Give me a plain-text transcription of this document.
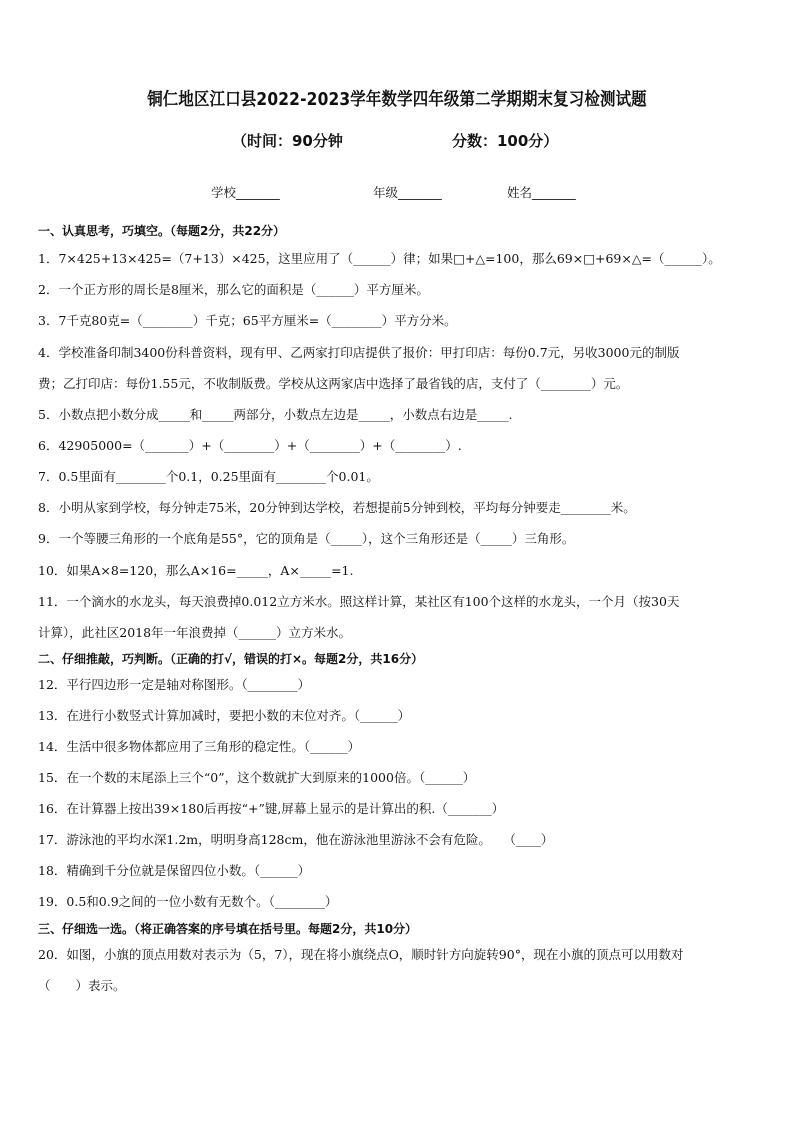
铜仁地区江口县2022-2023学年数学四年级第二学期期末复习检测试题
（时间：90分钟	分数：100分）
学校_______	年级_______	姓名_______
一、认真思考，巧填空。（每题2分，共22分）
1．7×425+13×425=（7+13）×425，这里应用了（______）律；如果□+△=100，那么69×□+69×△=（______）。
2．一个正方形的周长是8厘米，那么它的面积是（______）平方厘米。
3．7千克80克=（________）千克；65平方厘米=（________）平方分米。
4．学校准备印制3400份科普资料，现有甲、乙两家打印店提供了报价：甲打印店：每份0.7元，另收3000元的制版
费；乙打印店：每份1.55元，不收制版费。学校从这两家店中选择了最省钱的店，支付了（________）元。
5．小数点把小数分成_____和_____两部分，小数点左边是_____，小数点右边是_____.
6．42905000=（_______）+（________）+（________）+（________）.
7．0.5里面有________个0.1，0.25里面有________个0.01。
8．小明从家到学校，每分钟走75米，20分钟到达学校，若想提前5分钟到校，平均每分钟要走________米。
9．一个等腰三角形的一个底角是55°，它的顶角是（_____），这个三角形还是（_____）三角形。
10．如果A×8=120，那么A×16=_____，A×_____=1.
11．一个滴水的水龙头，每天浪费掉0.012立方米水。照这样计算，某社区有100个这样的水龙头，一个月（按30天
计算），此社区2018年一年浪费掉（______）立方米水。
二、仔细推敲，巧判断。（正确的打√，错误的打×。每题2分，共16分）
12．平行四边形一定是轴对称图形。（________）
13．在进行小数竖式计算加减时，要把小数的末位对齐。（______）
14．生活中很多物体都应用了三角形的稳定性。（______）
15．在一个数的末尾添上三个“0”，这个数就扩大到原来的1000倍。（______）
16．在计算器上按出39×180后再按“+”键,屏幕上显示的是计算出的积.（_______）
17．游泳池的平均水深1.2m，明明身高128cm，他在游泳池里游泳不会有危险。　　（____）
18．精确到千分位就是保留四位小数。（______）
19．0.5和0.9之间的一位小数有无数个。（________）
三、仔细选一选。（将正确答案的序号填在括号里。每题2分，共10分）
20．如图，小旗的顶点用数对表示为（5，7），现在将小旗绕点O，顺时针方向旋转90°，现在小旗的顶点可以用数对
（　　）表示。
